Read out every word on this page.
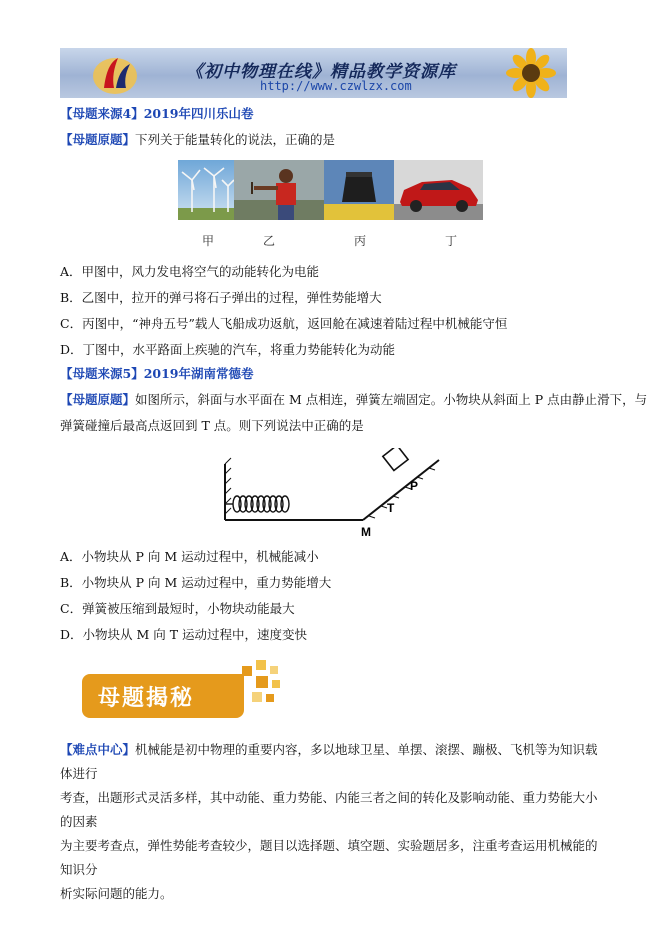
《初中物理在线》精品教学资源库
http://www.czwlzx.com
【母题来源4】2019年四川乐山卷
【母题原题】下列关于能量转化的说法，正确的是
甲	乙	丙	丁
A．甲图中，风力发电将空气的动能转化为电能
B．乙图中，拉开的弹弓将石子弹出的过程，弹性势能增大
C．丙图中，“神舟五号”载人飞船成功返航，返回舱在减速着陆过程中机械能守恒
D．丁图中，水平路面上疾驰的汽车，将重力势能转化为动能
【母题来源5】2019年湖南常德卷
【母题原题】如图所示，斜面与水平面在 M 点相连，弹簧左端固定。小物块从斜面上 P 点由静止滑下，与
弹簧碰撞后最高点返回到 T 点。则下列说法中正确的是
P
T
M
A．小物块从 P 向 M 运动过程中，机械能减小
B．小物块从 P 向 M 运动过程中，重力势能增大
C．弹簧被压缩到最短时，小物块动能最大
D．小物块从 M 向 T 运动过程中，速度变快
母题揭秘
【难点中心】机械能是初中物理的重要内容，多以地球卫星、单摆、滚摆、蹦极、飞机等为知识载体进行
考查，出题形式灵活多样，其中动能、重力势能、内能三者之间的转化及影响动能、重力势能大小的因素
为主要考查点，弹性势能考查较少，题目以选择题、填空题、实验题居多，注重考查运用机械能的知识分
析实际问题的能力。
